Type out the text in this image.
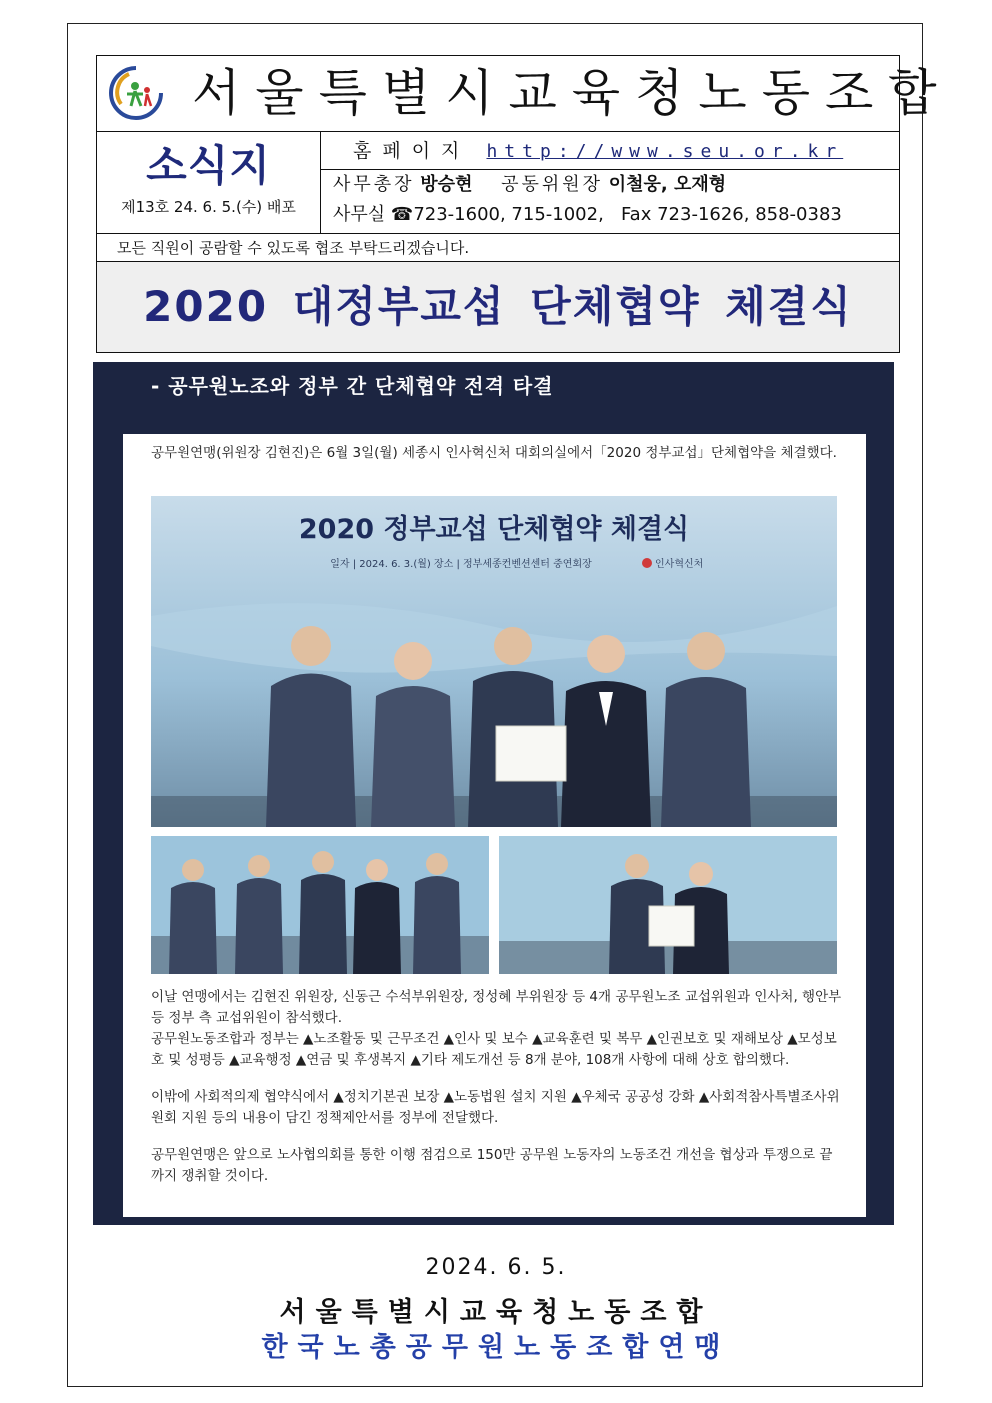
서울특별시교육청노동조합
소식지
제13호 24. 6. 5.(수) 배포
홈페이지 http://www.seu.or.kr
사무총장 방승현 공동위원장 이철웅, 오재형
사무실 ☎723-1600, 715-1002, Fax 723-1626, 858-0383
모든 직원이 공람할 수 있도록 협조 부탁드리겠습니다.
2020 대정부교섭 단체협약 체결식
- 공무원노조와 정부 간 단체협약 전격 타결
공무원연맹(위원장 김현진)은 6월 3일(월) 세종시 인사혁신처 대회의실에서「2020 정부교섭」단체협약을 체결했다.
2020 정부교섭 단체협약 체결식
일자 | 2024. 6. 3.(월) 장소 | 정부세종컨벤션센터 중연회장	인사혁신처

이날 연맹에서는 김현진 위원장, 신동근 수석부위원장, 정성혜 부위원장 등 4개 공무원노조 교섭위원과 인사처, 행안부 등 정부 측 교섭위원이 참석했다.

공무원노동조합과 정부는 ▲노조활동 및 근무조건 ▲인사 및 보수 ▲교육훈련 및 복무 ▲인권보호 및 재해보상 ▲모성보호 및 성평등 ▲교육행정 ▲연금 및 후생복지 ▲기타 제도개선 등 8개 분야, 108개 사항에 대해 상호 합의했다.

이밖에 사회적의제 협약식에서 ▲정치기본권 보장 ▲노동법원 설치 지원 ▲우체국 공공성 강화 ▲사회적참사특별조사위원회 지원 등의 내용이 담긴 정책제안서를 정부에 전달했다.

공무원연맹은 앞으로 노사협의회를 통한 이행 점검으로 150만 공무원 노동자의 노동조건 개선을 협상과 투쟁으로 끝까지 쟁취할 것이다.

2024. 6. 5.
서울특별시교육청노동조합
한국노총공무원노동조합연맹
